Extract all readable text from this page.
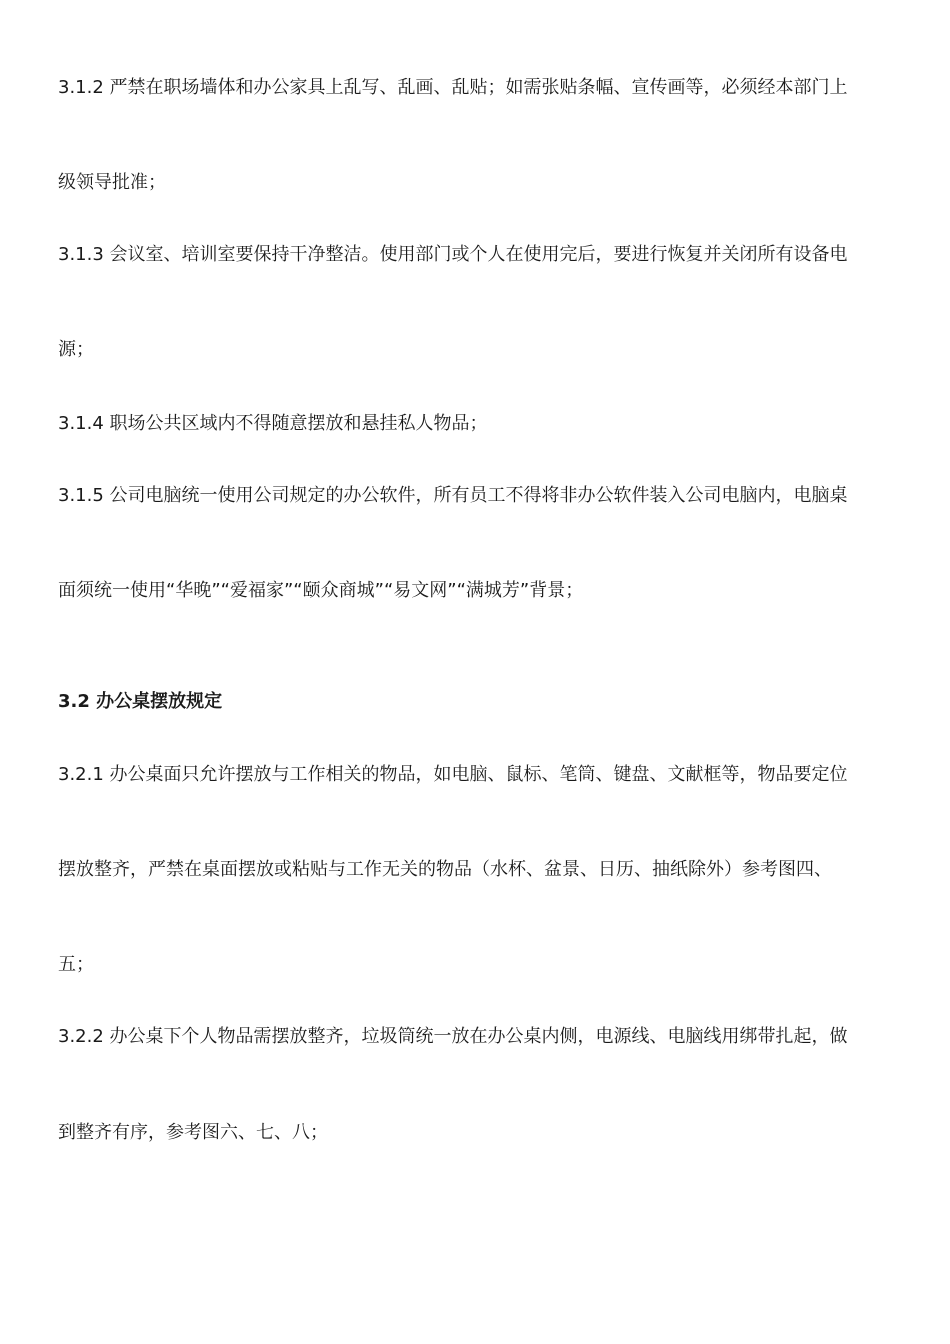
3.1.2 严禁在职场墙体和办公家具上乱写、乱画、乱贴；如需张贴条幅、宣传画等，必须经本部门上
级领导批准；
3.1.3 会议室、培训室要保持干净整洁。使用部门或个人在使用完后，要进行恢复并关闭所有设备电
源；
3.1.4 职场公共区域内不得随意摆放和悬挂私人物品；
3.1.5 公司电脑统一使用公司规定的办公软件，所有员工不得将非办公软件装入公司电脑内，电脑桌
面须统一使用“华晚”“爱福家”“颐众商城”“易文网”“满城芳”背景；
3.2 办公桌摆放规定
3.2.1 办公桌面只允许摆放与工作相关的物品，如电脑、鼠标、笔筒、键盘、文献框等，物品要定位
摆放整齐，严禁在桌面摆放或粘贴与工作无关的物品（水杯、盆景、日历、抽纸除外）参考图四、
五；
3.2.2 办公桌下个人物品需摆放整齐，垃圾筒统一放在办公桌内侧，电源线、电脑线用绑带扎起，做
到整齐有序，参考图六、七、八；
